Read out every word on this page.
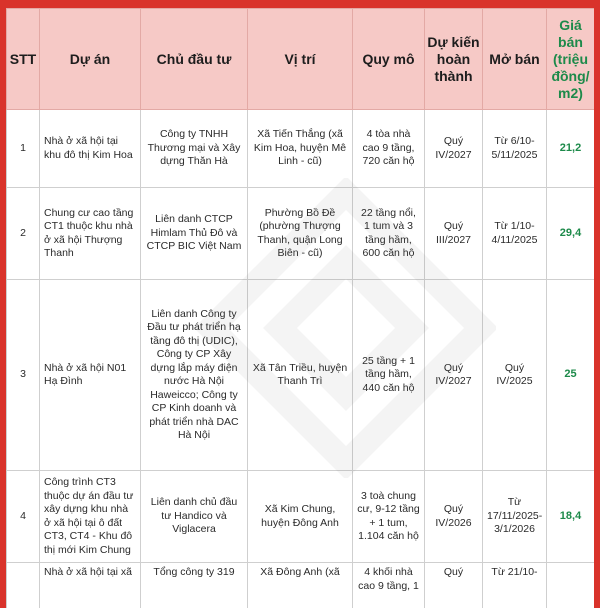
STT	Dự án	Chủ đầu tư	Vị trí	Quy mô	Dự kiến hoàn thành	Mở bán	Giá bán (triệu đồng/ m2)
1	Nhà ở xã hội tại khu đô thị Kim Hoa	Công ty TNHH Thương mại và Xây dựng Thăn Hà	Xã Tiến Thắng (xã Kim Hoa, huyện Mê Linh - cũ)	4 tòa nhà cao 9 tầng, 720 căn hộ	Quý IV/2027	Từ 6/10-5/11/2025	21,2
2	Chung cư cao tầng CT1 thuộc khu nhà ở xã hội Thượng Thanh	Liên danh CTCP Himlam Thủ Đô và CTCP BIC Việt Nam	Phường Bồ Đề (phường Thượng Thanh, quận Long Biên - cũ)	22 tầng nổi, 1 tum và 3 tầng hầm, 600 căn hộ	Quý III/2027	Từ 1/10-4/11/2025	29,4
3	Nhà ở xã hội N01 Hạ Đình	Liên danh Công ty Đầu tư phát triển hạ tầng đô thị (UDIC), Công ty CP Xây dựng lắp máy điện nước Hà Nội Haweicco; Công ty CP Kinh doanh và phát triển nhà DAC Hà Nội	Xã Tân Triều, huyện Thanh Trì	25 tầng + 1 tầng hầm, 440 căn hộ	Quý IV/2027	Quý IV/2025	25
4	Công trình CT3 thuộc dự án đầu tư xây dựng khu nhà ở xã hội tại ô đất CT3, CT4 - Khu đô thị mới Kim Chung	Liên danh chủ đầu tư Handico và Viglacera	Xã Kim Chung, huyện Đông Anh	3 toà chung cư, 9-12 tầng + 1 tum, 1.104 căn hộ	Quý IV/2026	Từ 17/11/2025-3/1/2026	18,4
	Nhà ở xã hội tại xã	Tổng công ty 319	Xã Đông Anh (xã	4 khối nhà cao 9 tầng, 1	Quý	Từ 21/10-	
